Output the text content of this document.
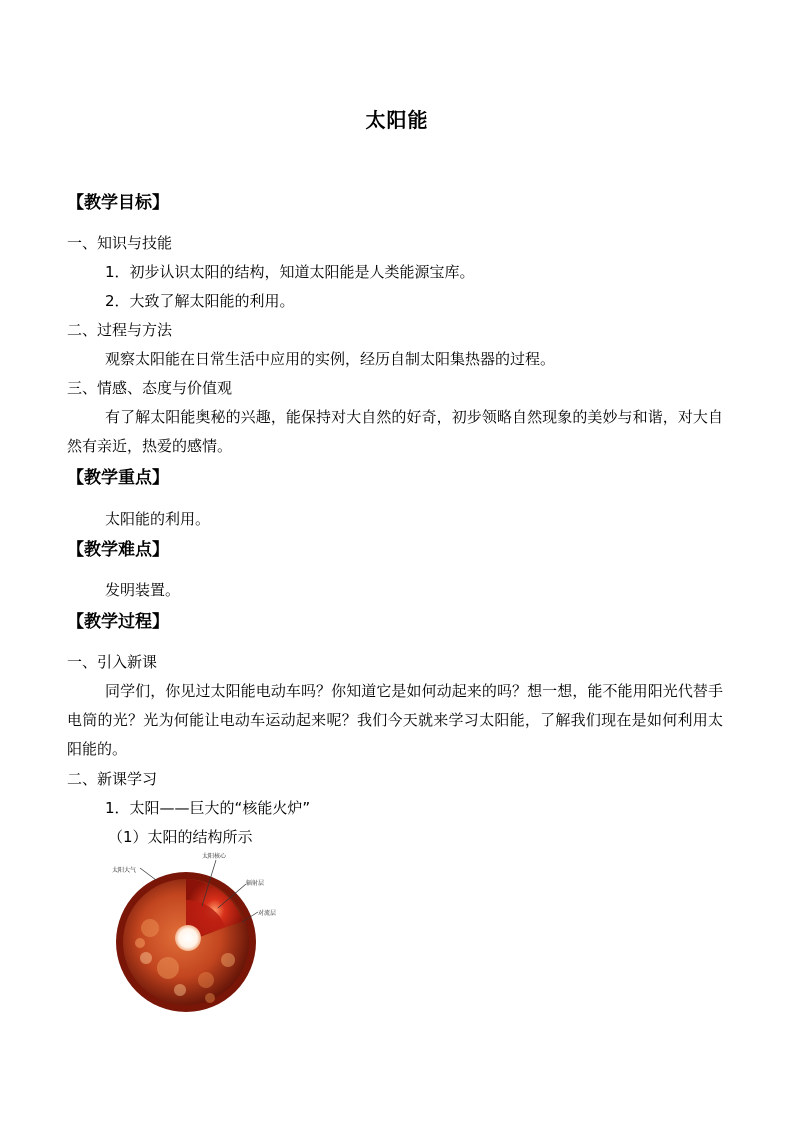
太阳能
【教学目标】
一、知识与技能
1．初步认识太阳的结构，知道太阳能是人类能源宝库。
2．大致了解太阳能的利用。
二、过程与方法
观察太阳能在日常生活中应用的实例，经历自制太阳集热器的过程。
三、情感、态度与价值观
有了解太阳能奥秘的兴趣，能保持对大自然的好奇，初步领略自然现象的美妙与和谐，对大自然有亲近，热爱的感情。
【教学重点】
太阳能的利用。
【教学难点】
发明装置。
【教学过程】
一、引入新课
同学们，你见过太阳能电动车吗？你知道它是如何动起来的吗？想一想，能不能用阳光代替手电筒的光？光为何能让电动车运动起来呢？我们今天就来学习太阳能，了解我们现在是如何利用太阳能的。
二、新课学习
1．太阳——巨大的“核能火炉”
（1）太阳的结构所示
太阳大气
太阳核心
辐射层
对流层
